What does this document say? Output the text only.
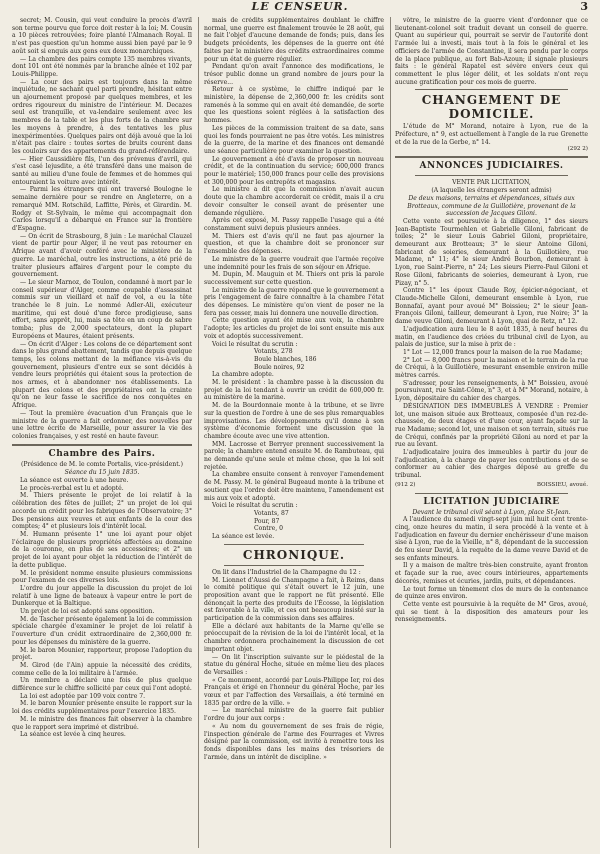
LE CENSEUR.	3

secret; M. Cousin, qui veut conduire la procès d'avril son terme pourvu que force doit rester à la loi; M. Cousin a 10 pièces retrouvées; foire planté l'Almanach Royal. Il n'est pas question qu'un homme aussi bien payé par le 9 août soit si enquis aux gens eux deux monarchiques.

— La chambre des pairs compte 135 membres vivants, dont 101 ont été nommés par la branche aînée et 102 par Louis-Philippe.

— La cour des pairs est toujours dans la même inquiétude, ne sachant quel parti prendre, hésitant entre un ajournement proposé par quelques membres, et les ordres rigoureux du ministre de l'intérieur. M. Decazes seul est tranquille, et va-lendaire seulement avec les membres de la table et les plus forts de la chambre sur les moyens à prendre, à des tentatives les plus inexpérimentées. Quelques pairs ont déjà avoué que la loi n'était pas claire : toutes sortes de bruits courent dans les couloirs sur des appartements du grand-référendaire.

— Hier Caussidière fils, l'un des prévenus d'avril, qui s'est casé lejusdite, a été transféré dans une maison de santé au milieu d'une foule de femmes et de hommes qui entouraient la voiture avec intérêt.

— Parmi les étrangers qui ont traversé Boulogne le semaine dernière pour se rendre en Angleterre, on a remarqué MM. Rotschild, Laffitte, Pérès, et Girardin. M. Rodgy et St-Sylvain, le même qui accompagnait don Carlos lorsqu'il a débarqué en France sur la frontière d'Espagne.

— On écrit de Strasbourg, 8 juin : Le maréchal Clauzel vient de partir pour Alger, il ne veut pas retourner en Afrique avant d'avoir conféré avec le ministère de la guerre. Le maréchal, outre les instructions, a été prié de traiter plusieurs affaires d'argent pour le compte du gouvernement.

— Le sieur Marnoz, de Toulon, condamné à mort par le conseil supérieur d'Alger, comme coupable d'assassinat commis sur un vieillard et naïf de vol, a eu la tête tranchée le 8 juin. Le nommé Adler-Ali, exécuteur maritime, qui est doué d'une force prodigieuse, sans effort, sans apprêt, lui, mais sa tête en un coup de sabre tomba; plus de 2,000 spectateurs, dont la plupart Européens et Maures, étaient présents.

— On écrit d'Alger : Les colons de ce département sont dans le plus grand abattement, tandis que depuis quelque temps, les colons mettant de la méfiance vis-à-vis du gouvernement, plusieurs d'entre eux se sont décidés à vendre leurs propriétés qui étaient sous la protection de nos armes, et à abandonner nos établissements. La plupart des colons et des propriétaires ont la crainte qu'on ne leur fasse le sacrifice de nos conquêtes en Afrique.

— Tout la première évacuation d'un Français que le ministre de la guerre a fait ordonner, des nouvelles par une lettre écrite de Marseille, pour assurer la vie des colonies françaises, y est resté en haute faveur.

Chambre des Pairs.

(Présidence de M. le comte Portalis, vice-président.)

Séance du 15 juin 1835.

La séance est ouverte à une heure.

Le procès-verbal est lu et adopté.

M. Thiers présente le projet de loi relatif à la célébration des fêtes de juillet; 2° un projet de loi qui accorde un crédit pour les fabriques de l'Observatoire; 3° Des pensions aux veuves et aux enfants de la cour des comptes; 4° et plusieurs lois d'intérêt local.

M. Humann présente 1° une loi ayant pour objet l'éclairage de plusieurs propriétés affectées au domaine de la couronne, en plus de ses accessoires; et 2° un projet de loi ayant pour objet la réduction de l'intérêt de la dette publique.

M. le président nomme ensuite plusieurs commissions pour l'examen de ces diverses lois.

L'ordre du jour appelle la discussion du projet de loi relatif à une ligne de bateaux à vapeur entre le port de Dunkerque et la Baltique.

Un projet de loi est adopté sans opposition.

M. de Tascher présente également la loi de commission spéciale chargée d'examiner le projet de loi relatif à l'ouverture d'un crédit extraordinaire de 2,360,000 fr. pour les dépenses du ministère de la guerre.

M. le baron Mounier, rapporteur, propose l'adoption du projet.

M. Girod (de l'Ain) appuie la nécessité des crédits, comme celle de la loi militaire à l'armée.

Un membre a déclaré une fois de plus quelque différence sur le chiffre sollicité par ceux qui l'ont adopté.

La loi est adoptée par 109 voix contre 7.

M. le baron Mounier présente ensuite le rapport sur la loi des crédits supplémentaires pour l'exercice 1835.

M. le ministre des finances fait observer à la chambre que le rapport sera imprimé et distribué.

La séance est levée à cinq heures.

mais de crédits supplémentaires doublant le chiffre normal, une guerre est finalement trouvée le 28 août, qui ne fait l'objet d'aucune demande de fonds; puis, dans les budgets précédents, les dépenses de la guerre ont été faites par le ministère des crédits extraordinaires comme pour un état de guerre régulier.

Pendant qu'on avait l'annonce des modifications, le trésor public donne un grand nombre de jours pour la réserve...

Retour à ce système, le chiffre indiqué par le ministère, la dépense de 2,360,000 fr. les crédits sont ramenés à la somme qui en avait été demandée, de sorte que les questions soient réglées à la satisfaction des hommes.

Les pièces de la commission traitent de sa date, sans quoi les fonds pourraient ne pas être votés. Les ministres de la guerre, de la marine et des finances ont demandé une séance particulière pour examiner la question.

Le gouvernement a été d'avis de proposer un nouveau crédit, et de la continuation du service; 600,000 francs pour le matériel; 150,000 francs pour celle des provisions et 300,000 pour les entrepôts et magasins.

Le ministre a dit que la commission n'avait aucun doute que la chambre accorderait ce crédit, mais il a cru devoir consulter le conseil avant de présenter une demande régulière.

Après cet exposé, M. Passy rappelle l'usage qui a été constamment suivi depuis plusieurs années.

M. Thiers est d'avis qu'il ne faut pas ajourner la question, et que la chambre doit se prononcer sur l'ensemble des dépenses.

Le ministre de la guerre voudrait que l'armée reçoive une indemnité pour les frais de son séjour en Afrique.

M. Dupin, M. Mauguin et M. Thiers ont pris la parole successivement sur cette question.

Le ministre de la guerre répond que le gouvernement a pris l'engagement de faire connaître à la chambre l'état des dépenses. Le ministère qu'on vient de poser ne la fera pas cesser, mais lui donnera une nouvelle direction.

Cette question ayant été mise aux voix, la chambre l'adopte; les articles du projet de loi sont ensuite mis aux voix et adoptés successivement.

Voici le résultat du scrutin :

Votants, 278

Boule blanches, 186

Boule noires, 92

La chambre adopte.

M. le président : la chambre passe à la discussion du projet de la loi tendant à ouvrir un crédit de 600,000 fr. au ministère de la marine.

M. de la Bourdonnaie monte à la tribune, et se livre sur la question de l'ordre à une de ses plus remarquables improvisations. Les développements qu'il donne à son système d'économie forment une discussion que la chambre écoute avec une vive attention.

MM. Lacrosse et Berryer prennent successivement la parole; la chambre entend ensuite M. de Rambuteau, qui ne demande qu'une seule et même chose, que la loi soit rejetée.

La chambre ensuite consent à renvoyer l'amendement de M. Passy. M. le général Bugeaud monte à la tribune et soutient que l'ordre doit être maintenu, l'amendement est mis aux voix et adopté.

Voici le résultat du scrutin :

Votants, 87

Pour, 87

Contre, 0

La séance est levée.

CHRONIQUE.

On lit dans l'Industriel de la Champagne du 12 :

M. Lionnet d'Aussi de Champagne a fait, à Reims, dans le comité politique qui s'était ouvert le 12 juin, une proposition avant que le rapport ne fût présenté. Elle dénonçait la perte des produits de l'Écosse, la législation est favorable à la ville, et ces ont beaucoup insisté sur la participation de la commission dans ses affaires.

Elle a déclaré aux habitants de la Marne qu'elle se préoccupait de la révision de la loi de l'intérêt local, et la chambre ordonnera prochainement la discussion de cet important objet.

— On lit l'inscription suivante sur le piédestal de la statue du général Hoche, située en même lieu des places de Versailles :

« Ce monument, accordé par Louis-Philippe Ier, roi des Français et érigé en l'honneur du général Hoche, par les vœux et par l'affection des Versaillais, a été terminé en 1835 par ordre de la ville. »

— Le maréchal ministre de la guerre fait publier l'ordre du jour aux corps :

« Au nom du gouvernement de ses frais de régie, l'inspection générale de l'arme des Fourrages et Vivres désigné par la commission, est invité à remettre tous les fonds disponibles dans les mains des trésoriers de l'armée, dans un intérêt de discipline. »

vôtre, le ministre de la guerre vient d'ordonner que ce lieutenant-colonel soit traduit devant un conseil de guerre. Quant au supérieur qui, pourrait se servir de l'autorité dont l'armée lui a investi, mais tout à la fois le général et les officiers de l'armée de Constantine, il sera pendu par le corps de la place publique, au fort Bab-Azoun; il signale plusieurs faits : le général Rapatel est sévère envers ceux qui commettent le plus léger délit, et les soldats n'ont reçu aucune gratification pour ces mois de guerre.

CHANGEMENT DE DOMICILE.

L'étude de M° Morand, notaire à Lyon, rue de la Préfecture, n° 9, est actuellement à l'angle de la rue Grenette et de la rue de la Gerbe, n° 14.

(292 2)

ANNONCES JUDICIAIRES.

VENTE PAR LICITATION,

(A laquelle les étrangers seront admis)

De deux maisons, terrains et dépendances, situés aux Brotteaux, commune de la Guillotière, provenant de la succession de Jacques Giloni.

Cette vente est poursuivie à la diligence, 1° des sieurs Jean-Baptiste Tourmehlen et Gabrielle Giloni, fabricant de toiles; 2° le sieur Louis Gabriel Giloni, propriétaire, demeurant aux Brotteaux; 3° le sieur Antoine Giloni, fabricant de soieries, demeurant à la Guillotière, rue Madame, n° 11; 4° le sieur André Bourbon, demeurant à Lyon, rue Saint-Pierre, n° 24; Les sieurs Pierre-Paul Giloni et Rose Giloni, fabricants de soieries, demeurant à Lyon, rue Pizay, n° 5.

Contre 1° les époux Claude Roy, épicier-négociant, et Claude-Michelle Giloni, demeurant ensemble à Lyon, rue Bonnafaï, ayant pour avoué M° Boissieu; 2° le sieur Jean-François Giloni, tailleur, demeurant à Lyon, rue Noire; 3° la dame veuve Giloni, demeurant à Lyon, quai de Retz, n° 12.

L'adjudication aura lieu le 8 août 1835, à neuf heures du matin, en l'audience des criées du tribunal civil de Lyon, au palais de justice, sur la mise à prix de :

1° Lot — 12,000 francs pour la maison de la rue Madame;

2° Lot — 8,000 francs pour la maison et le terrain de la rue de Créqui, à la Guillotière, mesurant ensemble environ mille mètres carrés.

S'adresser, pour les renseignements, à M° Boissieu, avoué poursuivant, rue Saint-Côme, n° 3, et à M° Morand, notaire, à Lyon, dépositaire du cahier des charges.

DÉSIGNATION DES IMMEUBLES À VENDRE : Premier lot, une maison située aux Brotteaux, composée d'un rez-de-chaussée, de deux étages et d'une cour, ayant façade sur la rue Madame; second lot, une maison et son terrain, situés rue de Créqui, confinés par la propriété Giloni au nord et par la rue au levant.

L'adjudicataire jouira des immeubles à partir du jour de l'adjudication, à la charge de payer les contributions et de se conformer au cahier des charges déposé au greffe du tribunal.

(912 2)	BOISSIEU, avoué.
LICITATION JUDICIAIRE

Devant le tribunal civil séant à Lyon, place St-Jean.

A l'audience du samedi vingt-sept juin mil huit cent trente-cinq, onze heures du matin, il sera procédé à la vente et à l'adjudication en faveur du dernier enchérisseur d'une maison sise à Lyon, rue de la Vieille, n° 8, dépendant de la succession de feu sieur David, à la requête de la dame veuve David et de ses enfants mineurs.

Il y a maison de maître très-bien construite, ayant fronton et façade sur la rue, avec cours intérieures, appartements décorés, remises et écuries, jardin, puits, et dépendances.

Le tout forme un tènement clos de murs de la contenance de quinze ares environ.

Cette vente est poursuivie à la requête de M° Gros, avoué, qui se tient à la disposition des amateurs pour les renseignements.
